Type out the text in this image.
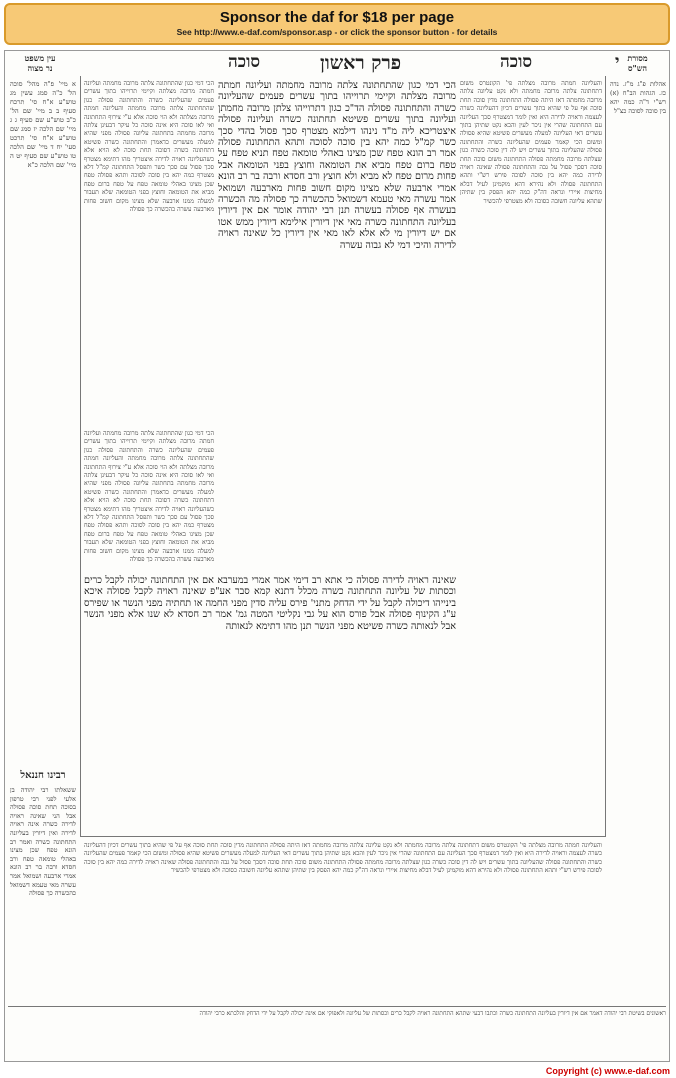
Sponsor the daf for $18 per page
See http://www.e-daf.com/sponsor.asp - or click the sponsor button - for details
י
סוכה
פרק ראשון
סוכה
עין משפט
נר מצוה
מסורת
הש"ס
א מיי' פ"ה מהל' סוכה הל' כ"ה סמג עשין מג טוש"ע א"ח סי' תרכח סעיף ב ב מיי' שם הל' כ"ב טוש"ע שם סעיף ג ג מיי' שם הלכה יז סמג שם טוש"ע א"ח סי' תרכט סעי' יח ד מיי' שם הלכה טו טוש"ע שם סעיף יט ה מיי' שם הלכה כ"א
רבינו חננאל
ששאלתו רבי יהודה בן אלעי לפני רבי טרפון בסוכה תחת סוכה פסולה אבל הני שאינה ראויה לדירה כשרה אינה ראויה לדירה ואין דיורין בעליונה התחתונה כשרה ואמר רב הונא טפח שכן מצינו באהלי טומאה טפח ורב חסדא ורבה בר רב הונא אמרי ארבעה ושמואל אמר עשרה מאי טעמא דשמואל כהכשרה כך פסולה
אהלות פ"ג מ"ז. נדה כז. הגהות הב"ח (א) רש"י ד"ה כמה יהא בין סוכה לסוכה כצ"ל
והעליונה חמתה מרובה מצלתה פי' הקונטרס משום דתחתונה צלתה מרובה מחמתה ולא נקט עליונה צלתה מרובה מחמתה דאז היתה פסולה התחתונה מדין סוכה תחת סוכה אף על פי שהיא בתוך עשרים דכיון דהעליונה כשרה לעצמה וראויה לדירה היא ואין לומר דמצטרף סכך העליונה עם התחתונה שהרי אין ניכר לעין והכא נקט שתיהן בתוך עשרים דאי העליונה למעלה מעשרים פשיטא שהיא פסולה ומשום הכי קאמר פעמים שהעליונה כשרה והתחתונה פסולה שהעליונה בתוך עשרים ויש לה דין סוכה כשרה כגון שצלתה מרובה מחמתה פסולה התחתונה משום סוכה תחת סוכה דסכך פסול על גבה והתחתונה פסולה שאינה ראויה לדירה כמה יהא בין סוכה לסוכה פירש רש"י ותהא התחתונה פסולה ולא נהירא דהא מוקמינן לעיל דבלא מחיצות איירי ונראה דה"ק כמה יהא הפסק בין שתיהן שתהא עליונה חשובה כסוכה ולא מצטרפי להכשיר
הכי דמי כגון שהתחתונה צלתה מרובה מחמתה ועליונה חמתה מרובה מצלתה וקיימי תרוייהו בתוך עשרים פעמים שהעליונה כשרה והתחתונה פסולה כגון שהתחתונה צלתה מרובה מחמתה והעליונה חמתה מרובה מצלתה ולא הוי סוכה אלא ע"י צירוף התחתונה ואי לאו סוכה היא אינה סוכה כל עיקר דבעינן צלתה מרובה מחמתה בתחתונה עליונה פסולה מפני שהיא למעלה מעשרים כדאמרן והתחתונה כשרה פשיטא דתחתונה כשרה דסוכה תחת סוכה לא הויא אלא כשהעליונה ראויה לדירה איצטריך מהו דתימא מצטרף סכך פסול עם סכך כשר ותפסל התחתונה קמ"ל דלא מצטרף כמה יהא בין סוכה לסוכה ותהא פסולה טפח שכן מצינו באהלי טומאה טפח על טפח ברום טפח מביא את הטומאה וחוצץ בפני הטומאה שלא תעבור למעלה ממנו ארבעה שלא מצינו מקום חשוב פחות מארבעה עשרה כהכשרה כך פסולה
הכי דמי כגון שהתחתונה צלתה מרובה מחמתה ועליונה חמתה מרובה מצלתה וקיימי תרוייהו בתוך עשרים פעמים שהעליונה כשרה והתחתונה פסולה הד"כ כגון דתרוייהו צלתן מרובה מחמתן ועליונה בתוך עשרים פשיטא תחתונה כשרה ועליונה פסולה איצטריכא ליה מ"ד נינהו דילמא מצטרף סכך פסול בהדי סכך כשר קמ"ל כמה יהא בין סוכה לסוכה ותהא התחתונה פסולה אמר רב הונא טפח שכן מצינו באהלי טומאה טפח תניא טפח על טפח ברום טפח מביא את הטומאה וחוצץ בפני הטומאה אבל פחות מרום טפח לא מביא ולא חוצץ ורב חסדא ורבה בר רב הונא אמרי ארבעה שלא מצינו מקום חשוב פחות מארבעה ושמואל אמר עשרה מאי טעמא דשמואל כהכשרה כך פסולה מה הכשרה בעשרה אף פסולה בעשרה תנן רבי יהודה אומר אם אין דיורין בעליונה התחתונה כשרה מאי אין דיורין אילימא דיורין ממש אטו אם יש דיורין מי לא אלא לאו מאי אין דיורין כל שאינה ראויה לדירה והיכי דמי לא גבוה עשרה
שאינה ראויה לדירה פסולה כי אתא רב דימי אמר אמרי במערבא אם אין התחתונה יכולה לקבל כרים וכסתות של עליונה התחתונה כשרה מכלל דתנא קמא סבר אע"פ שאינה ראויה לקבל פסולה איכא בינייהו דיכולה לקבל על ידי הדחק מתני' פירס עליה סדין מפני החמה או תחתיה מפני הנשר או שפירס ע"ג הקינוף פסולה אבל פורס הוא על גבי נקליטי המטה גמ' אמר רב חסדא לא שנו אלא מפני הנשר אבל לנאותה כשרה פשיטא מפני הנשר תנן מהו דתימא לנאותה
הכי דמי כגון שהתחתונה צלתה מרובה מחמתה ועליונה חמתה מרובה מצלתה וקיימי תרוייהו בתוך עשרים פעמים שהעליונה כשרה והתחתונה פסולה כגון שהתחתונה צלתה מרובה מחמתה והעליונה חמתה מרובה מצלתה ולא הוי סוכה אלא ע"י צירוף התחתונה ואי לאו סוכה היא אינה סוכה כל עיקר דבעינן צלתה מרובה מחמתה בתחתונה עליונה פסולה מפני שהיא למעלה מעשרים כדאמרן והתחתונה כשרה פשיטא דתחתונה כשרה דסוכה תחת סוכה לא הויא אלא כשהעליונה ראויה לדירה איצטריך מהו דתימא מצטרף סכך פסול עם סכך כשר ותפסל התחתונה קמ"ל דלא מצטרף כמה יהא בין סוכה לסוכה ותהא פסולה טפח שכן מצינו באהלי טומאה טפח על טפח ברום טפח מביא את הטומאה וחוצץ בפני הטומאה שלא תעבור למעלה ממנו ארבעה שלא מצינו מקום חשוב פחות מארבעה עשרה כהכשרה כך פסולה
והעליונה חמתה מרובה מצלתה פי' הקונטרס משום דתחתונה צלתה מרובה מחמתה ולא נקט עליונה צלתה מרובה מחמתה דאז היתה פסולה התחתונה מדין סוכה תחת סוכה אף על פי שהיא בתוך עשרים דכיון דהעליונה כשרה לעצמה וראויה לדירה היא ואין לומר דמצטרף סכך העליונה עם התחתונה שהרי אין ניכר לעין והכא נקט שתיהן בתוך עשרים דאי העליונה למעלה מעשרים פשיטא שהיא פסולה ומשום הכי קאמר פעמים שהעליונה כשרה והתחתונה פסולה שהעליונה בתוך עשרים ויש לה דין סוכה כשרה כגון שצלתה מרובה מחמתה פסולה התחתונה משום סוכה תחת סוכה דסכך פסול על גבה והתחתונה פסולה שאינה ראויה לדירה כמה יהא בין סוכה לסוכה פירש רש"י ותהא התחתונה פסולה ולא נהירא דהא מוקמינן לעיל דבלא מחיצות איירי ונראה דה"ק כמה יהא הפסק בין שתיהן שתהא עליונה חשובה כסוכה ולא מצטרפי להכשיר
ראשונים בשיטת רבי יהודה דאמר אם אין דיורין בעליונה התחתונה כשרה וכתבו דבעי שתהא התחתונה ראויה לקבל כרים וכסתות של עליונה ולאפוקי אם אינה יכולה לקבל על ידי הדחק והלכתא כרבי יהודה
Copyright (c) www.e-daf.com
